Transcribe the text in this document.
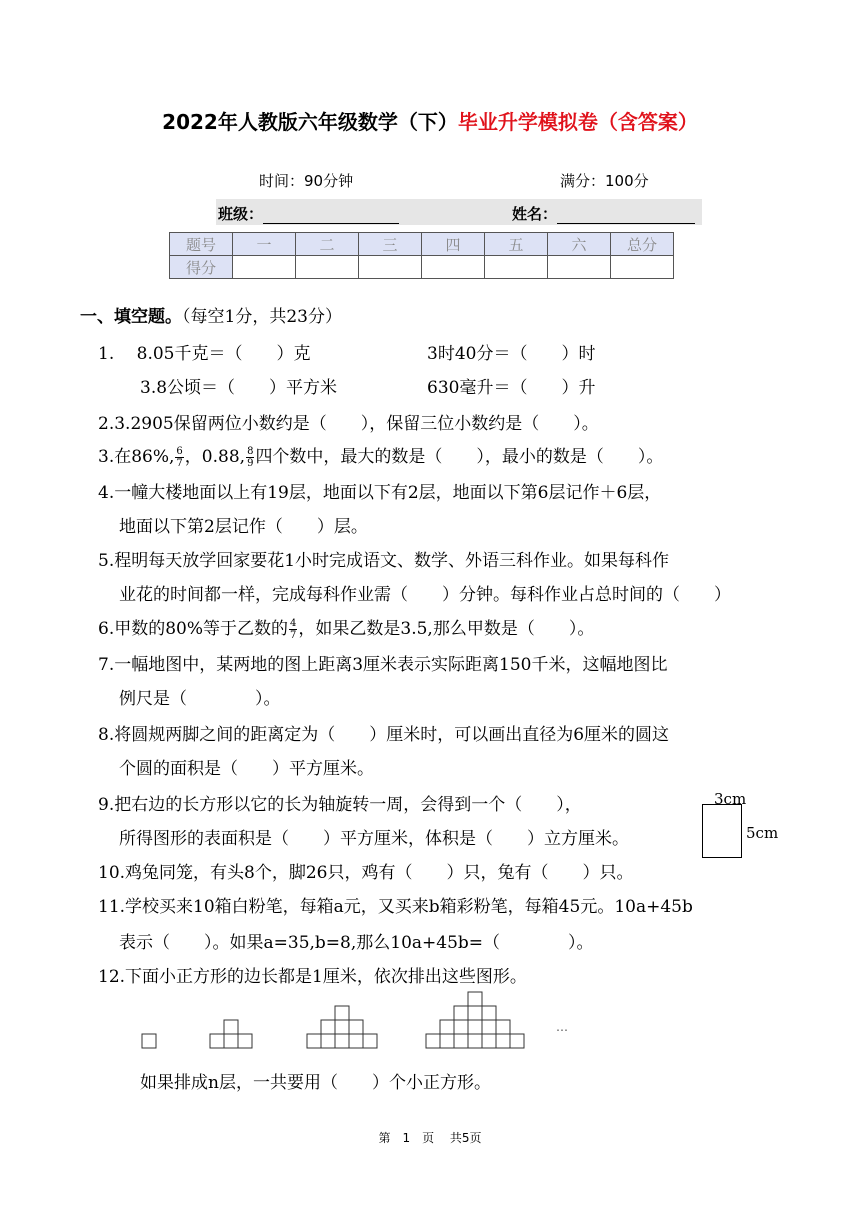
2022年人教版六年级数学（下）毕业升学模拟卷（含答案）
时间：90分钟	满分：100分
班级：	姓名：
题号	一	二	三	四	五	六	总分
得分							
一、填空题。（每空1分，共23分）
1.　 8.05千克＝（　　）克	3时40分＝（　　）时
3.8公顷＝（　　）平方米	630毫升＝（　　）升
2.3.2905保留两位小数约是（　　），保留三位小数约是（　　）。
3.在86%, $\frac{6}{7}$ ，0.88, $\frac{8}{9}$ 四个数中，最大的数是（　　），最小的数是（　　）。
4.一幢大楼地面以上有19层，地面以下有2层，地面以下第6层记作＋6层，
地面以下第2层记作（　　）层。
5.程明每天放学回家要花1小时完成语文、数学、外语三科作业。如果每科作
业花的时间都一样，完成每科作业需（　　）分钟。每科作业占总时间的（　　）
6.甲数的80%等于乙数的 $\frac{4}{7}$ ，如果乙数是3.5,那么甲数是（　　）。
7.一幅地图中，某两地的图上距离3厘米表示实际距离150千米，这幅地图比
例尺是（　　　　）。
8.将圆规两脚之间的距离定为（　　）厘米时，可以画出直径为6厘米的圆这
个圆的面积是（　　）平方厘米。
9.把右边的长方形以它的长为轴旋转一周，会得到一个（　　），
所得图形的表面积是（　　）平方厘米，体积是（　　）立方厘米。
3cm
5cm
10.鸡兔同笼，有头8个，脚26只，鸡有（　　）只，兔有（　　）只。
11.学校买来10箱白粉笔，每箱a元，又买来b箱彩粉笔，每箱45元。10a+45b
表示（　　）。如果a=35,b=8,那么10a+45b=（　　　　）。
12.下面小正方形的边长都是1厘米，依次排出这些图形。
…
如果排成n层，一共要用（　　）个小正方形。
第　1　页　 共5页
